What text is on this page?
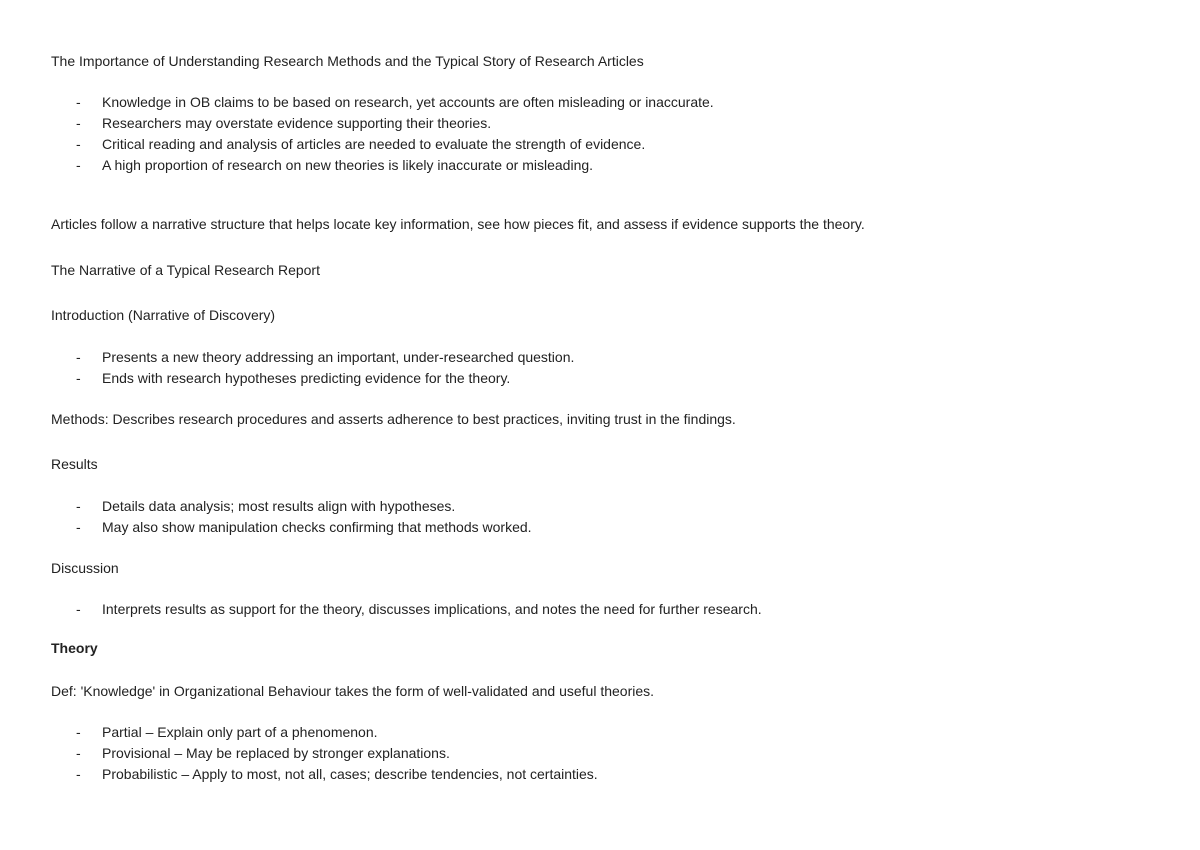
The Importance of Understanding Research Methods and the Typical Story of Research Articles
- Knowledge in OB claims to be based on research, yet accounts are often misleading or inaccurate.
- Researchers may overstate evidence supporting their theories.
- Critical reading and analysis of articles are needed to evaluate the strength of evidence.
- A high proportion of research on new theories is likely inaccurate or misleading.
Articles follow a narrative structure that helps locate key information, see how pieces fit, and assess if evidence supports the theory.
The Narrative of a Typical Research Report
Introduction (Narrative of Discovery)
- Presents a new theory addressing an important, under-researched question.
- Ends with research hypotheses predicting evidence for the theory.
Methods: Describes research procedures and asserts adherence to best practices, inviting trust in the findings.
Results
- Details data analysis; most results align with hypotheses.
- May also show manipulation checks confirming that methods worked.
Discussion
- Interprets results as support for the theory, discusses implications, and notes the need for further research.
Theory
Def: 'Knowledge' in Organizational Behaviour takes the form of well-validated and useful theories.
- Partial – Explain only part of a phenomenon.
- Provisional – May be replaced by stronger explanations.
- Probabilistic – Apply to most, not all, cases; describe tendencies, not certainties.
